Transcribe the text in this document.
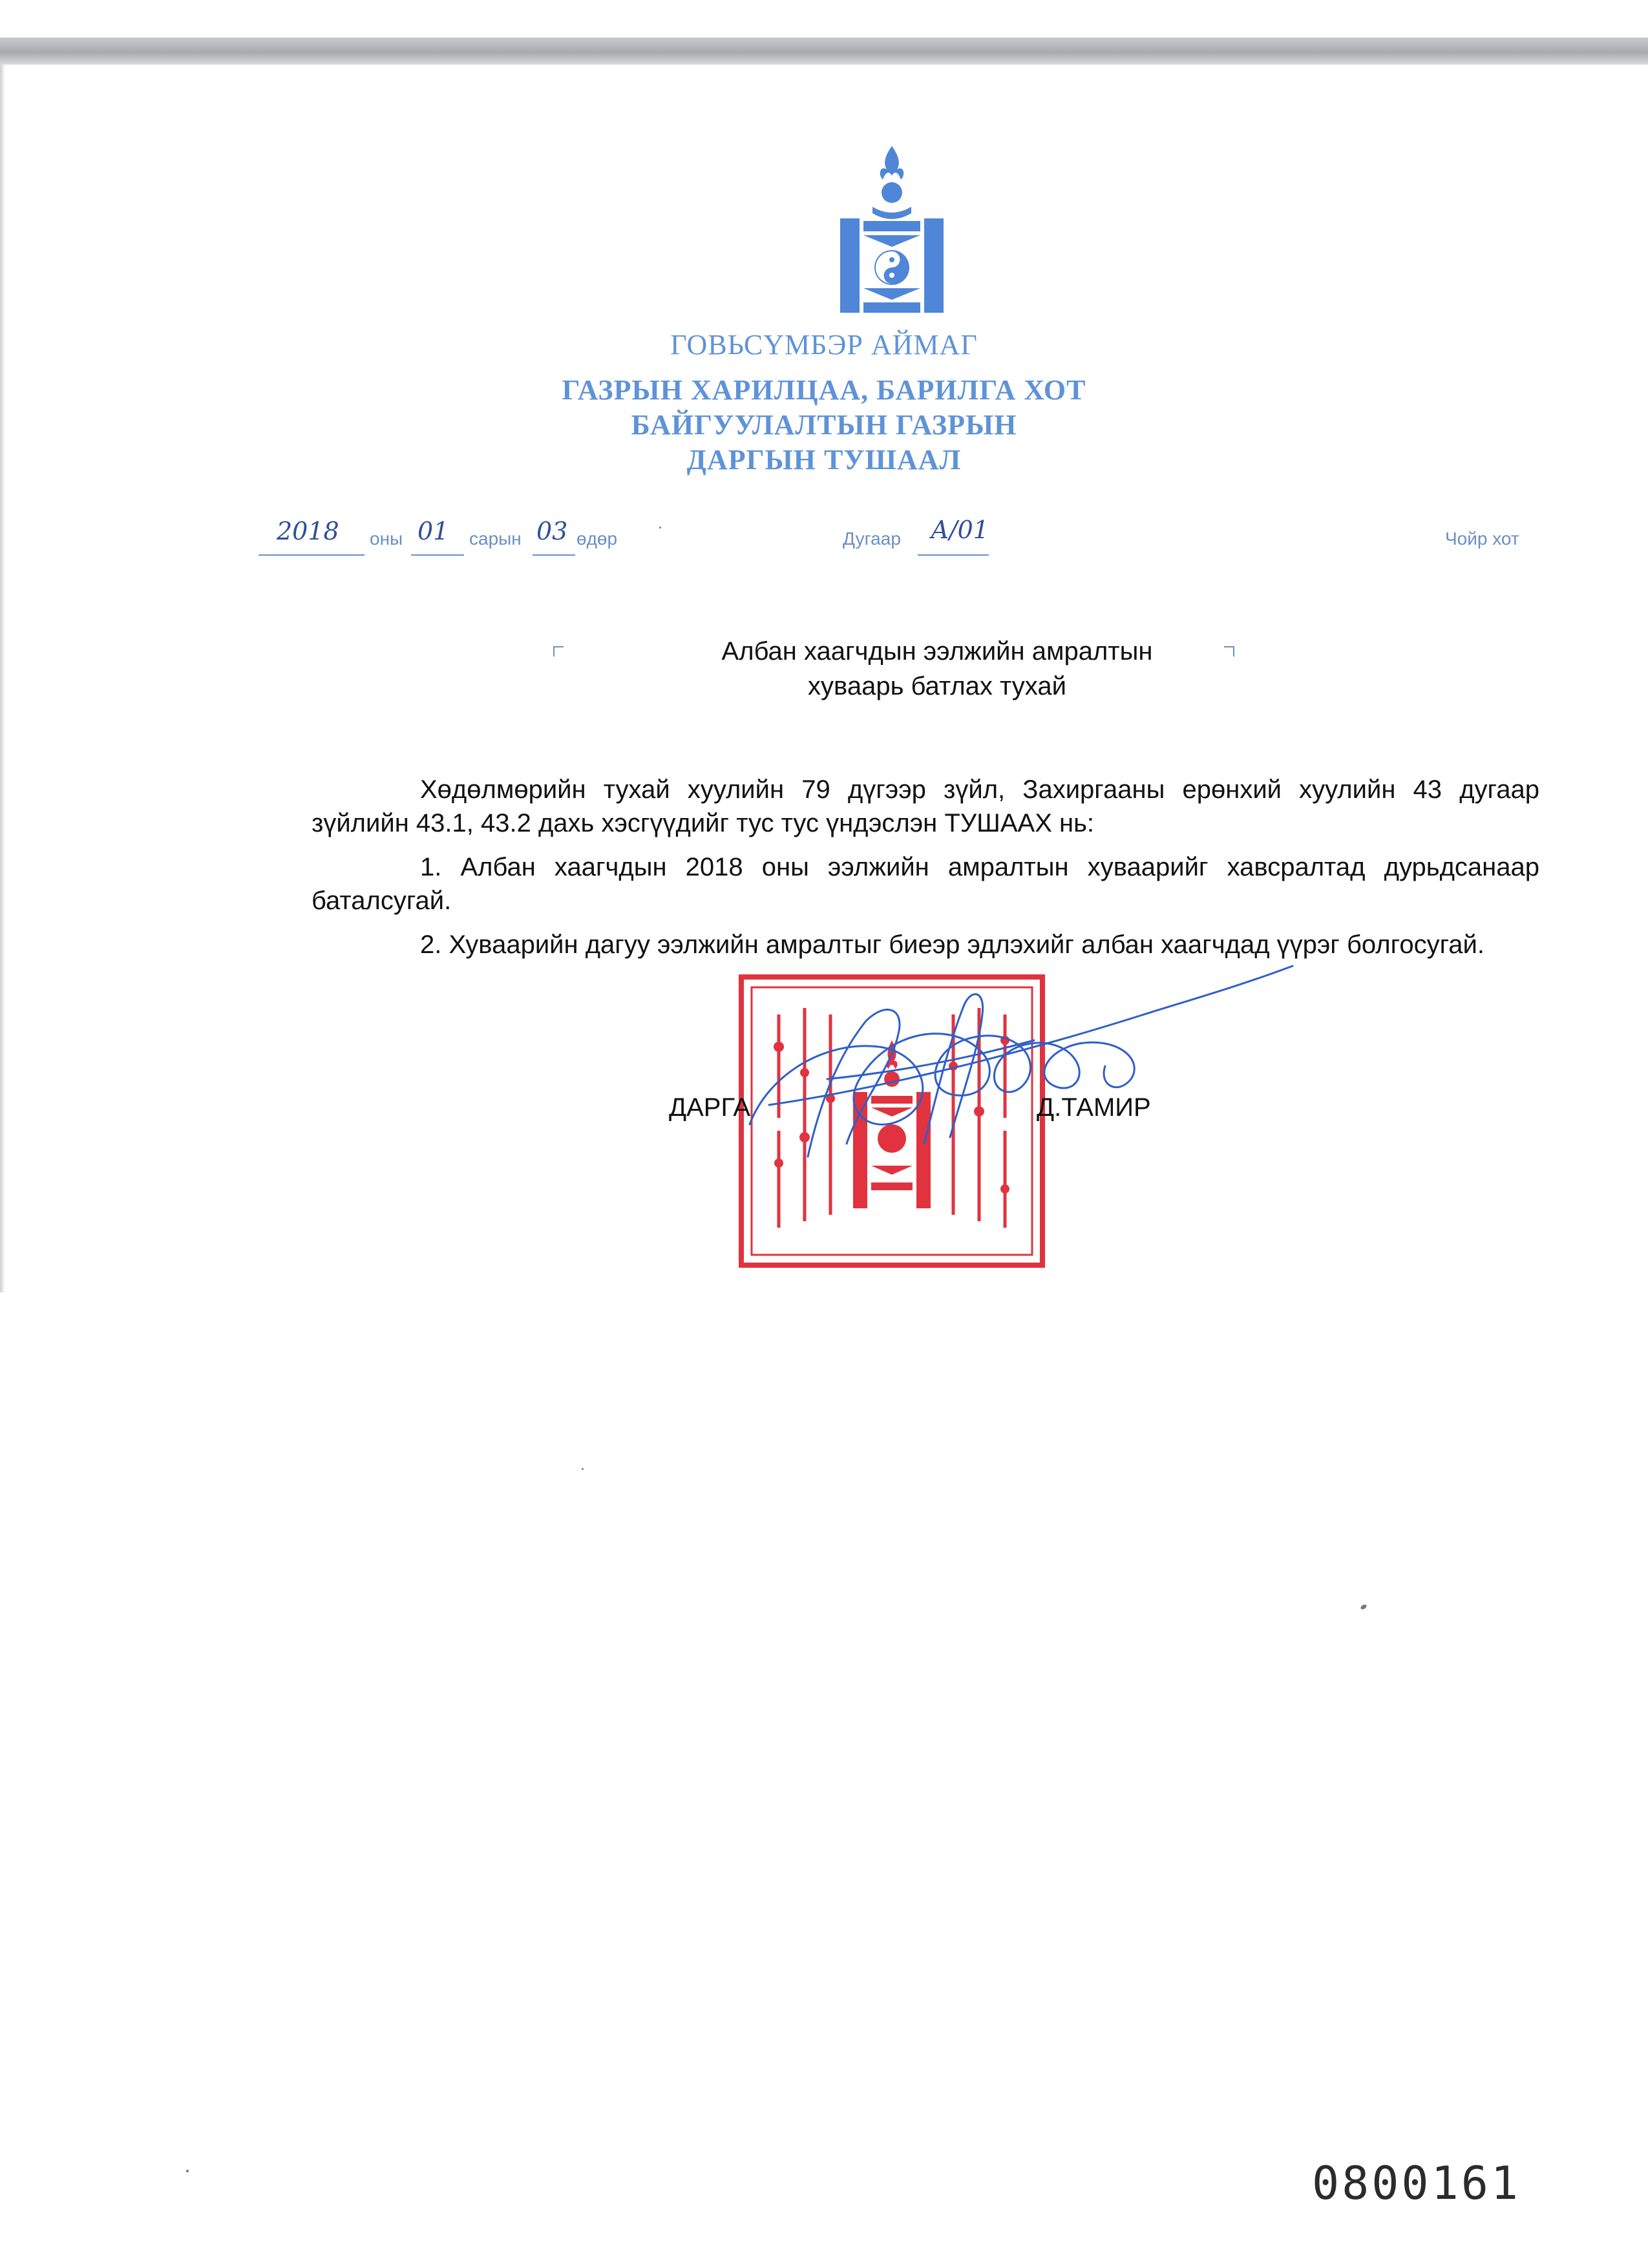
ГОВЬСҮМБЭР АЙМАГ
ГАЗРЫН ХАРИЛЦАА, БАРИЛГА ХОТ
БАЙГУУЛАЛТЫН ГАЗРЫН
ДАРГЫН ТУШААЛ
2018 оны 01 сарын 03 өдөр	Дугаар А/01	Чойр хот
Албан хаагчдын ээлжийн амралтын
хуваарь батлах тухай
Хөдөлмөрийн тухай хуулийн 79 дүгээр зүйл, Захиргааны ерөнхий хуулийн 43 дугаар зүйлийн 43.1, 43.2 дахь хэсгүүдийг тус тус үндэслэн ТУШААХ нь:
1. Албан хаагчдын 2018 оны ээлжийн амралтын хуваарийг хавсралтад дурьдсанаар баталсугай.
2. Хуваарийн дагуу ээлжийн амралтыг биеэр эдлэхийг албан хаагчдад үүрэг болгосугай.
ДАРГА	Д.ТАМИР
0800161
